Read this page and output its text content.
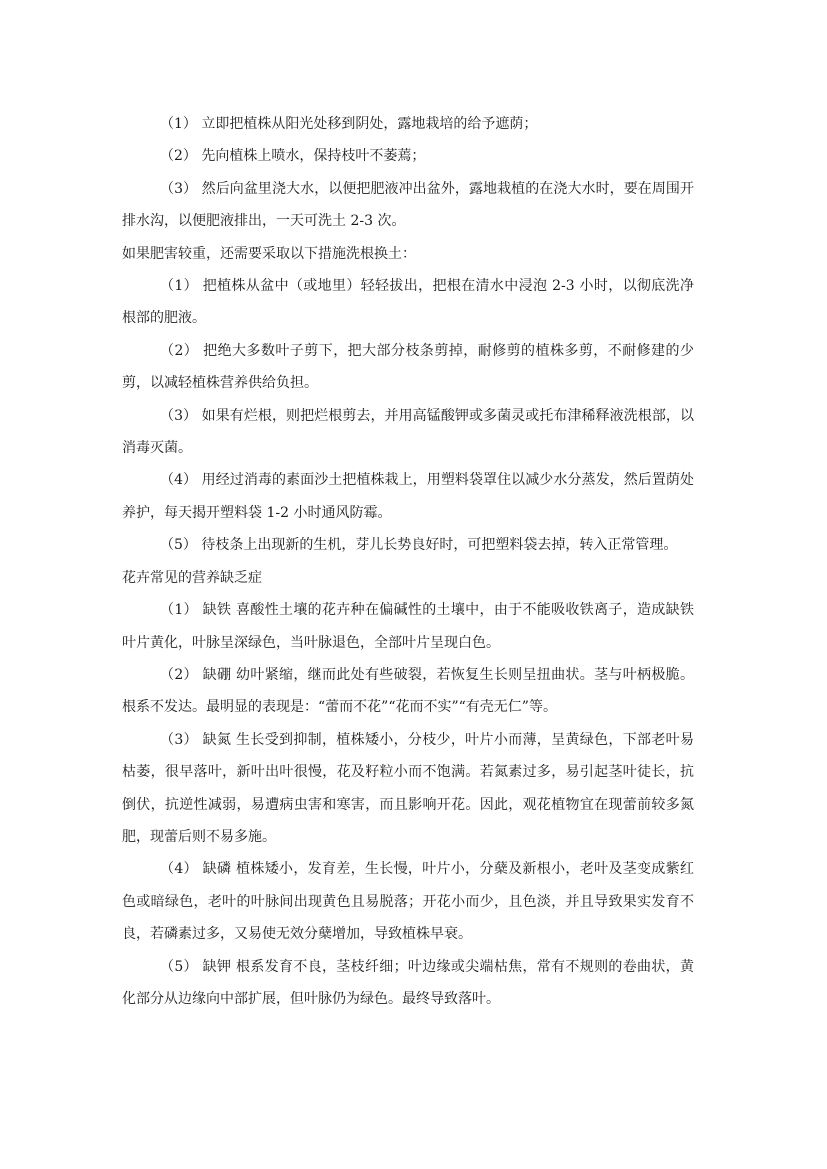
（1） 立即把植株从阳光处移到阴处，露地栽培的给予遮荫；

（2） 先向植株上喷水，保持枝叶不萎蔫；

（3） 然后向盆里浇大水，以便把肥液冲出盆外，露地栽植的在浇大水时，要在周围开排水沟，以便肥液排出，一天可洗土 2-3 次。

如果肥害较重，还需要采取以下措施洗根换土：

（1） 把植株从盆中（或地里）轻轻拔出，把根在清水中浸泡 2-3 小时，以彻底洗净根部的肥液。

（2） 把绝大多数叶子剪下，把大部分枝条剪掉，耐修剪的植株多剪，不耐修建的少剪，以减轻植株营养供给负担。

（3） 如果有烂根，则把烂根剪去，并用高锰酸钾或多菌灵或托布津稀释液洗根部，以消毒灭菌。

（4） 用经过消毒的素面沙土把植株栽上，用塑料袋罩住以减少水分蒸发，然后置荫处养护，每天揭开塑料袋 1-2 小时通风防霉。

（5） 待枝条上出现新的生机，芽儿长势良好时，可把塑料袋去掉，转入正常管理。

花卉常见的营养缺乏症

（1） 缺铁 喜酸性土壤的花卉种在偏碱性的土壤中，由于不能吸收铁离子，造成缺铁叶片黄化，叶脉呈深绿色，当叶脉退色，全部叶片呈现白色。

（2） 缺硼 幼叶紧缩，继而此处有些破裂，若恢复生长则呈扭曲状。茎与叶柄极脆。根系不发达。最明显的表现是：“蕾而不花”“花而不实”“有壳无仁”等。

（3） 缺氮 生长受到抑制，植株矮小，分枝少，叶片小而薄，呈黄绿色，下部老叶易枯萎，很早落叶，新叶出叶很慢，花及籽粒小而不饱满。若氮素过多，易引起茎叶徒长，抗倒伏，抗逆性减弱，易遭病虫害和寒害，而且影响开花。因此，观花植物宜在现蕾前较多氮肥，现蕾后则不易多施。

（4） 缺磷 植株矮小，发育差，生长慢，叶片小，分蘖及新根小，老叶及茎变成紫红色或暗绿色，老叶的叶脉间出现黄色且易脱落；开花小而少，且色淡，并且导致果实发育不良，若磷素过多，又易使无效分蘖增加，导致植株早衰。

（5） 缺钾 根系发育不良，茎枝纤细；叶边缘或尖端枯焦，常有不规则的卷曲状，黄化部分从边缘向中部扩展，但叶脉仍为绿色。最终导致落叶。
